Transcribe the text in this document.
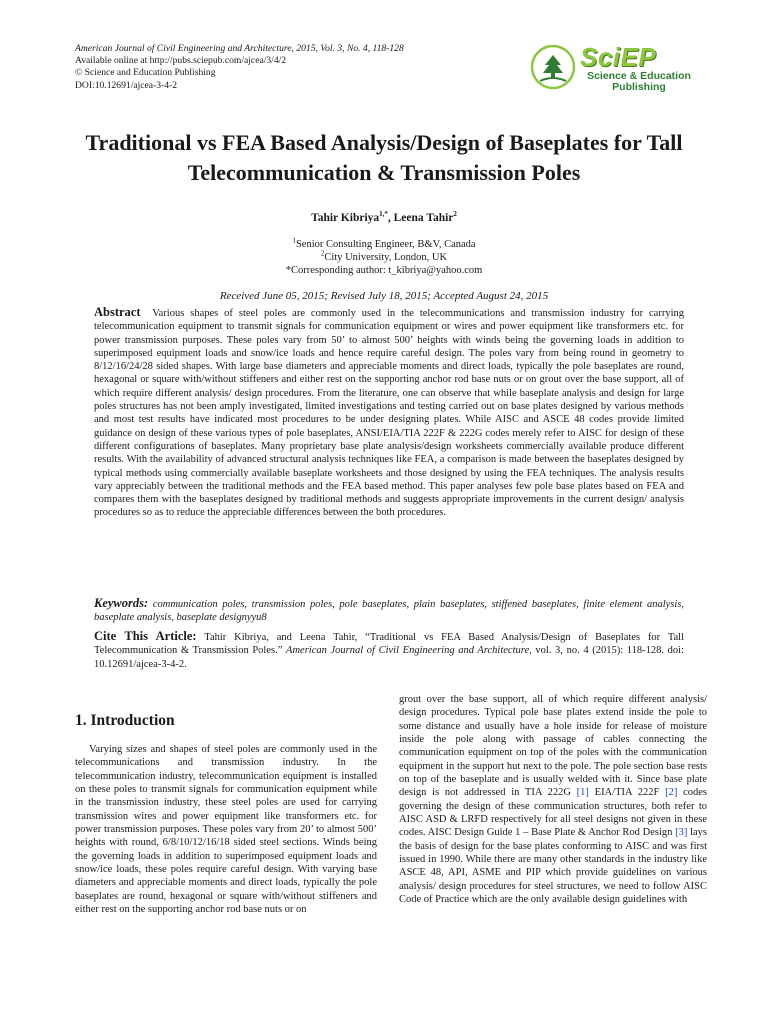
American Journal of Civil Engineering and Architecture, 2015, Vol. 3, No. 4, 118-128
Available online at http://pubs.sciepub.com/ajcea/3/4/2
© Science and Education Publishing
DOI:10.12691/ajcea-3-4-2
SciEP
Science & Education
Publishing
Traditional vs FEA Based Analysis/Design of Baseplates for Tall Telecommunication & Transmission Poles
Tahir Kibriya$^{1,*}$, Leena Tahir$^2$
$^1$Senior Consulting Engineer, B&V, Canada
$^2$City University, London, UK
*Corresponding author: t_kibriya@yahoo.com
Received June 05, 2015; Revised July 18, 2015; Accepted August 24, 2015
Abstract Various shapes of steel poles are commonly used in the telecommunications and transmission industry for carrying telecommunication equipment to transmit signals for communication equipment or wires and power equipment like transformers etc. for power transmission purposes. These poles vary from 50’ to almost 500’ heights with winds being the governing loads in addition to superimposed equipment loads and snow/ice loads and hence require careful design. The poles vary from being round in geometry to 8/12/16/24/28 sided shapes. With large base diameters and appreciable moments and direct loads, typically the pole baseplates are round, hexagonal or square with/without stiffeners and either rest on the supporting anchor rod base nuts or on grout over the base support, all of which require different analysis/ design procedures. From the literature, one can observe that while baseplate analysis and design for large poles structures has not been amply investigated, limited investigations and testing carried out on base plates designed by various methods and most test results have indicated most procedures to be under designing plates. While AISC and ASCE 48 codes provide limited guidance on design of these various types of pole baseplates, ANSI/EIA/TIA 222F & 222G codes merely refer to AISC for design of these different configurations of baseplates. Many proprietary base plate analysis/design worksheets commercially available produce different results. With the availability of advanced structural analysis techniques like FEA, a comparison is made between the baseplates designed by typical methods using commercially available baseplate worksheets and those designed by using the FEA techniques. The analysis results vary appreciably between the traditional methods and the FEA based method. This paper analyses few pole base plates based on FEA and compares them with the baseplates designed by traditional methods and suggests appropriate improvements in the current design/ analysis procedures so as to reduce the appreciable differences between the both procedures.
Keywords: communication poles, transmission poles, pole baseplates, plain baseplates, stiffened baseplates, finite element analysis, baseplate analysis, baseplate designyyu8
Cite This Article: Tahir Kibriya, and Leena Tahir, “Traditional vs FEA Based Analysis/Design of Baseplates for Tall Telecommunication & Transmission Poles.” American Journal of Civil Engineering and Architecture, vol. 3, no. 4 (2015): 118-128. doi: 10.12691/ajcea-3-4-2.
1. Introduction
Varying sizes and shapes of steel poles are commonly used in the telecommunications and transmission industry. In the telecommunication industry, telecommunication equipment is installed on these poles to transmit signals for communication equipment while in the transmission industry, these steel poles are used for carrying transmission wires and power equipment like transformers etc. for power transmission purposes. These poles vary from 20’ to almost 500’ heights with round, 6/8/10/12/16/18 sided steel sections. Winds being the governing loads in addition to superimposed equipment loads and snow/ice loads, these poles require careful design. With varying base diameters and appreciable moments and direct loads, typically the pole baseplates are round, hexagonal or square with/without stiffeners and either rest on the supporting anchor rod base nuts or on
grout over the base support, all of which require different analysis/ design procedures. Typical pole base plates extend inside the pole to some distance and usually have a hole inside for release of moisture inside the pole along with passage of cables connecting the communication equipment on top of the poles with the communication equipment in the support hut next to the pole. The pole section base rests on top of the baseplate and is usually welded with it. Since base plate design is not addressed in TIA 222G [1] EIA/TIA 222F [2] codes governing the design of these communication structures, both refer to AISC ASD & LRFD respectively for all steel designs not given in these codes. AISC Design Guide 1 – Base Plate & Anchor Rod Design [3] lays the basis of design for the base plates conforming to AISC and was first issued in 1990. While there are many other standards in the industry like ASCE 48, API, ASME and PIP which provide guidelines on various analysis/ design procedures for steel structures, we need to follow AISC Code of Practice which are the only available design guidelines with
